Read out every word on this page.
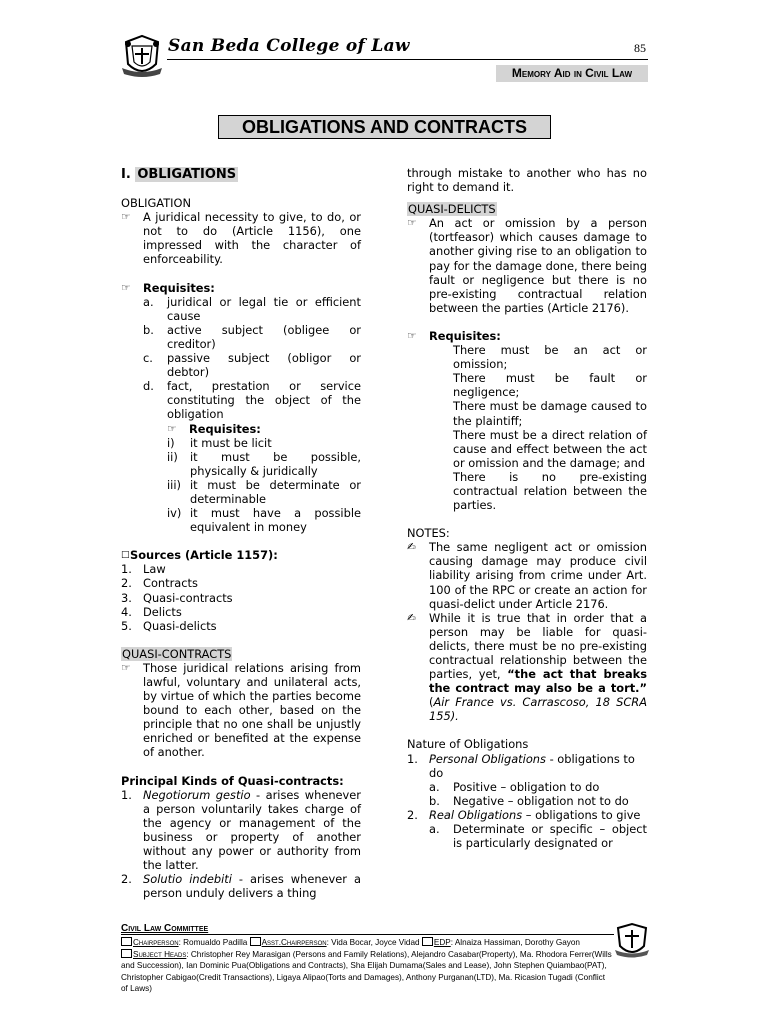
San Beda College of Law	85
Memory Aid in Civil Law
OBLIGATIONS AND CONTRACTS
I. OBLIGATIONS
OBLIGATION
☞	A juridical necessity to give, to do, or not to do (Article 1156), one impressed with the character of enforceability.
☞	Requisites:
a.	juridical or legal tie or efficient cause
b.	active subject (obligee or creditor)
c.	passive subject (obligor or debtor)
d.	fact, prestation or service constituting the object of the obligation
☞	Requisites:
i)	it must be licit
ii)	it must be possible, physically & juridically
iii) it must be determinate or determinable
iv) it must have a possible equivalent in money
□ Sources (Article 1157):
1. Law
2. Contracts
3. Quasi-contracts
4. Delicts
5. Quasi-delicts
QUASI-CONTRACTS
☞	Those juridical relations arising from lawful, voluntary and unilateral acts, by virtue of which the parties become bound to each other, based on the principle that no one shall be unjustly enriched or benefited at the expense of another.
Principal Kinds of Quasi-contracts:
1. Negotiorum gestio - arises whenever a person voluntarily takes charge of the agency or management of the business or property of another without any power or authority from the latter.
2. Solutio indebiti - arises whenever a person unduly delivers a thing
through mistake to another who has no right to demand it.
QUASI-DELICTS
☞	An act or omission by a person (tortfeasor) which causes damage to another giving rise to an obligation to pay for the damage done, there being fault or negligence but there is no pre-existing contractual relation between the parties (Article 2176).
☞	Requisites:
There must be an act or omission;
There must be fault or negligence;
There must be damage caused to the plaintiff;
There must be a direct relation of cause and effect between the act or omission and the damage; and
There is no pre-existing contractual relation between the parties.
NOTES:
✍	The same negligent act or omission causing damage may produce civil liability arising from crime under Art. 100 of the RPC or create an action for quasi-delict under Article 2176.
✍	While it is true that in order that a person may be liable for quasi-delicts, there must be no pre-existing contractual relationship between the parties, yet, “the act that breaks the contract may also be a tort.” (Air France vs. Carrascoso, 18 SCRA 155).
Nature of Obligations
1. Personal Obligations - obligations to do
a.	Positive – obligation to do
b.	Negative – obligation not to do
2. Real Obligations – obligations to give
a.	Determinate or specific – object is particularly designated or
Civil Law Committee
Chairperson: Romualdo Padilla Asst.Chairperson: Vida Bocar, Joyce Vidad EDP: Alnaiza Hassiman, Dorothy Gayon
Subject Heads: Christopher Rey Marasigan (Persons and Family Relations), Alejandro Casabar(Property), Ma. Rhodora Ferrer(Wills and Succession), Ian Dominic Pua(Obligations and Contracts), Sha Elijah Dumama(Sales and Lease), John Stephen Quiambao(PAT), Christopher Cabigao(Credit Transactions), Ligaya Alipao(Torts and Damages), Anthony Purganan(LTD), Ma. Ricasion Tugadi (Conflict of Laws)
